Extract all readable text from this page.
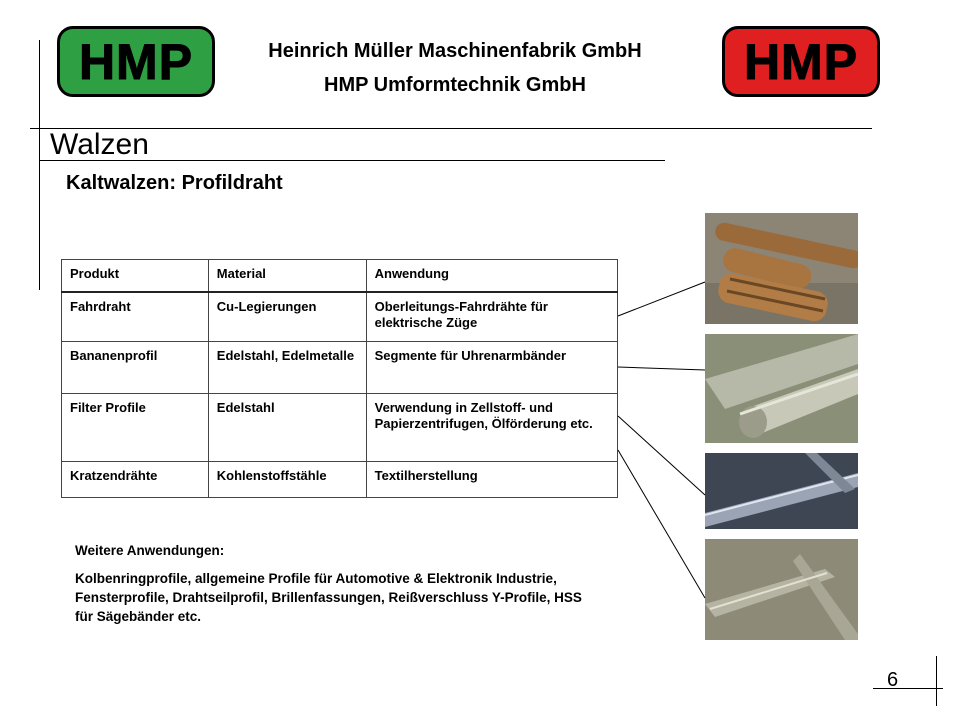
HMP	HMP
Heinrich Müller Maschinenfabrik GmbH
HMP Umformtechnik GmbH
Walzen
Kaltwalzen: Profildraht
Produkt	Material	Anwendung
Fahrdraht	Cu-Legierungen	Oberleitungs-Fahrdrähte für elektrische Züge
Bananenprofil	Edelstahl, Edelmetalle	Segmente für Uhrenarmbänder
Filter Profile	Edelstahl	Verwendung in Zellstoff- und Papierzentrifugen, Ölförderung etc.
Kratzendrähte	Kohlenstoffstähle	Textilherstellung
Weitere Anwendungen:
Kolbenringprofile, allgemeine Profile für Automotive & Elektronik Industrie, Fensterprofile, Drahtseilprofil, Brillenfassungen, Reißverschluss Y-Profile, HSS für Sägebänder etc.
6
